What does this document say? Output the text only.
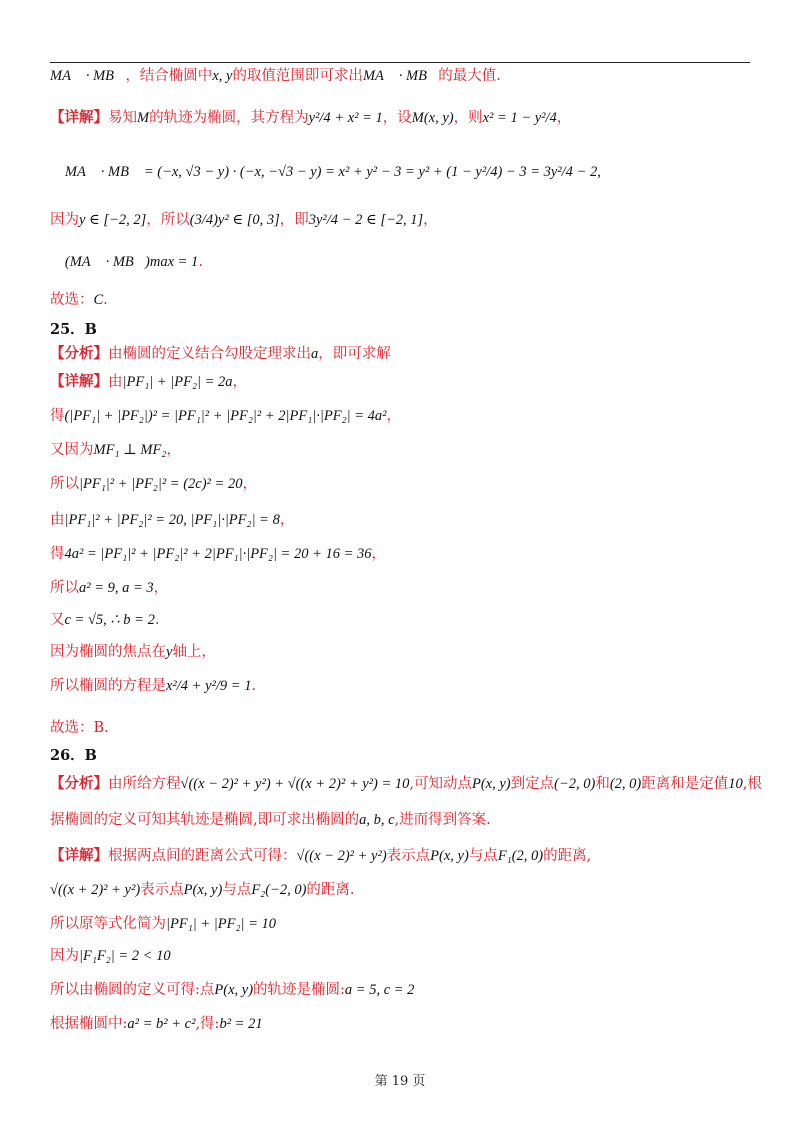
MA⃗ · MB⃗，结合椭圆中x, y的取值范围即可求出MA⃗ · MB⃗的最大值.
【详解】易知M的轨迹为椭圆，其方程为y²/4 + x² = 1，设M(x, y)，则x² = 1 − y²/4，
∴ MA⃗ · MB⃗ = (−x, √3 − y) · (−x, −√3 − y) = x² + y² − 3 = y² + (1 − y²/4) − 3 = 3y²/4 − 2,
因为y ∈ [−2, 2]，所以(3/4)y² ∈ [0, 3]，即3y²/4 − 2 ∈ [−2, 1]，
∴ (MA⃗ · MB⃗)max = 1.
故选：C.
25．B
【分析】由椭圆的定义结合勾股定理求出a，即可求解
【详解】由|PF₁| + |PF₂| = 2a，
得(|PF₁| + |PF₂|)² = |PF₁|² + |PF₂|² + 2|PF₁|·|PF₂| = 4a²，
又因为MF₁ ⊥ MF₂，
所以|PF₁|² + |PF₂|² = (2c)² = 20，
由|PF₁|² + |PF₂|² = 20, |PF₁|·|PF₂| = 8，
得4a² = |PF₁|² + |PF₂|² + 2|PF₁|·|PF₂| = 20 + 16 = 36，
所以a² = 9, a = 3，
又c = √5, ∴ b = 2.
因为椭圆的焦点在y轴上，
所以椭圆的方程是x²/4 + y²/9 = 1.
故选：B.
26．B
【分析】由所给方程√((x − 2)² + y²) + √((x + 2)² + y²) = 10,可知动点P(x, y)到定点(−2, 0)和(2, 0)距离和是定值10,根
据椭圆的定义可知其轨迹是椭圆,即可求出椭圆的a, b, c,进而得到答案.
【详解】根据两点间的距离公式可得：√((x − 2)² + y²)表示点P(x, y)与点F₁(2, 0)的距离,
√((x + 2)² + y²)表示点P(x, y)与点F₂(−2, 0)的距离.
所以原等式化简为|PF₁| + |PF₂| = 10
因为|F₁F₂| = 2 < 10
所以由椭圆的定义可得:点P(x, y)的轨迹是椭圆:a = 5, c = 2
根据椭圆中:a² = b² + c²,得:b² = 21
第 19 页
